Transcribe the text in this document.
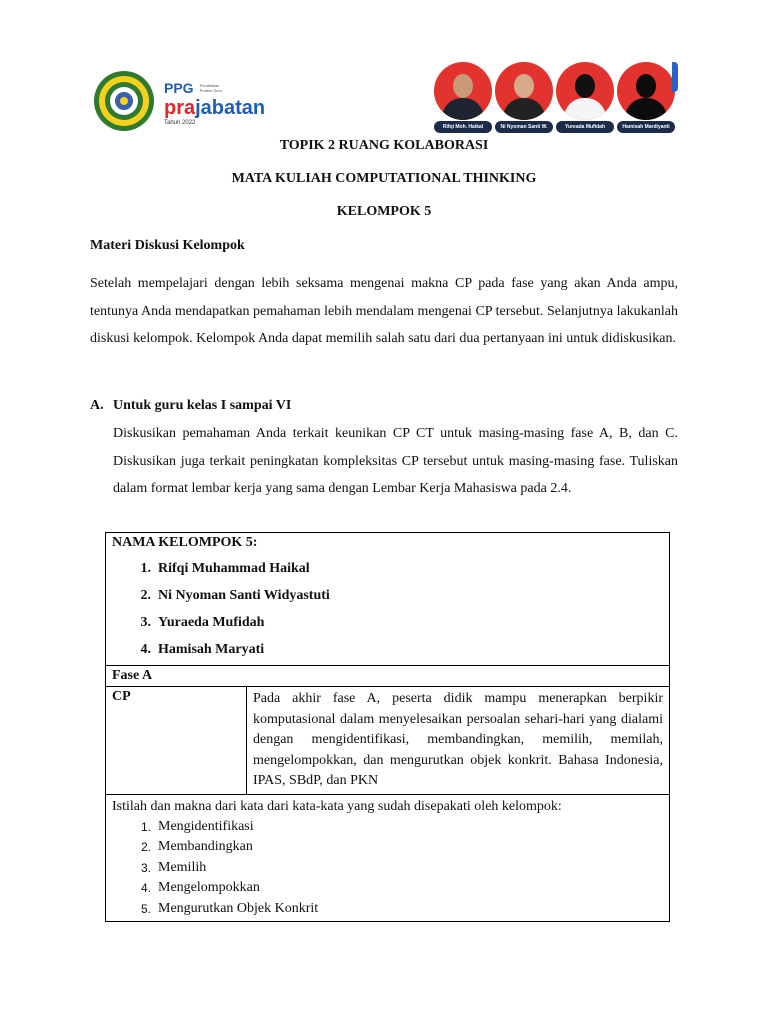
PPG Pendidikan Profesi Guru
prajabatan
Tahun 2022
Rifqi Moh. Haikal	Ni Nyoman Santi W.	Yureada Mufidah	Hamisah Mardiyanti
TOPIK 2 RUANG KOLABORASI
MATA KULIAH COMPUTATIONAL THINKING
KELOMPOK 5
Materi Diskusi Kelompok

Setelah mempelajari dengan lebih seksama mengenai makna CP pada fase yang akan Anda ampu, tentunya Anda mendapatkan pemahaman lebih mendalam mengenai CP tersebut. Selanjutnya lakukanlah diskusi kelompok. Kelompok Anda dapat memilih salah satu dari dua pertanyaan ini untuk didiskusikan.

A. Untuk guru kelas I sampai VI

Diskusikan pemahaman Anda terkait keunikan CP CT untuk masing-masing fase A, B, dan C. Diskusikan juga terkait peningkatan kompleksitas CP tersebut untuk masing-masing fase. Tuliskan dalam format lembar kerja yang sama dengan Lembar Kerja Mahasiswa pada 2.4.

NAMA KELOMPOK 5:
1. Rifqi Muhammad Haikal
2. Ni Nyoman Santi Widyastuti
3. Yuraeda Mufidah
4. Hamisah Maryati

Fase A
CP	Pada akhir fase A, peserta didik mampu menerapkan berpikir komputasional dalam menyelesaikan persoalan sehari-hari yang dialami dengan mengidentifikasi, membandingkan, memilih, memilah, mengelompokkan, dan mengurutkan objek konkrit. Bahasa Indonesia, IPAS, SBdP, dan PKN

Istilah dan makna dari kata dari kata-kata yang sudah disepakati oleh kelompok:
1. Mengidentifikasi
2. Membandingkan
3. Memilih
4. Mengelompokkan
5. Mengurutkan Objek Konkrit
